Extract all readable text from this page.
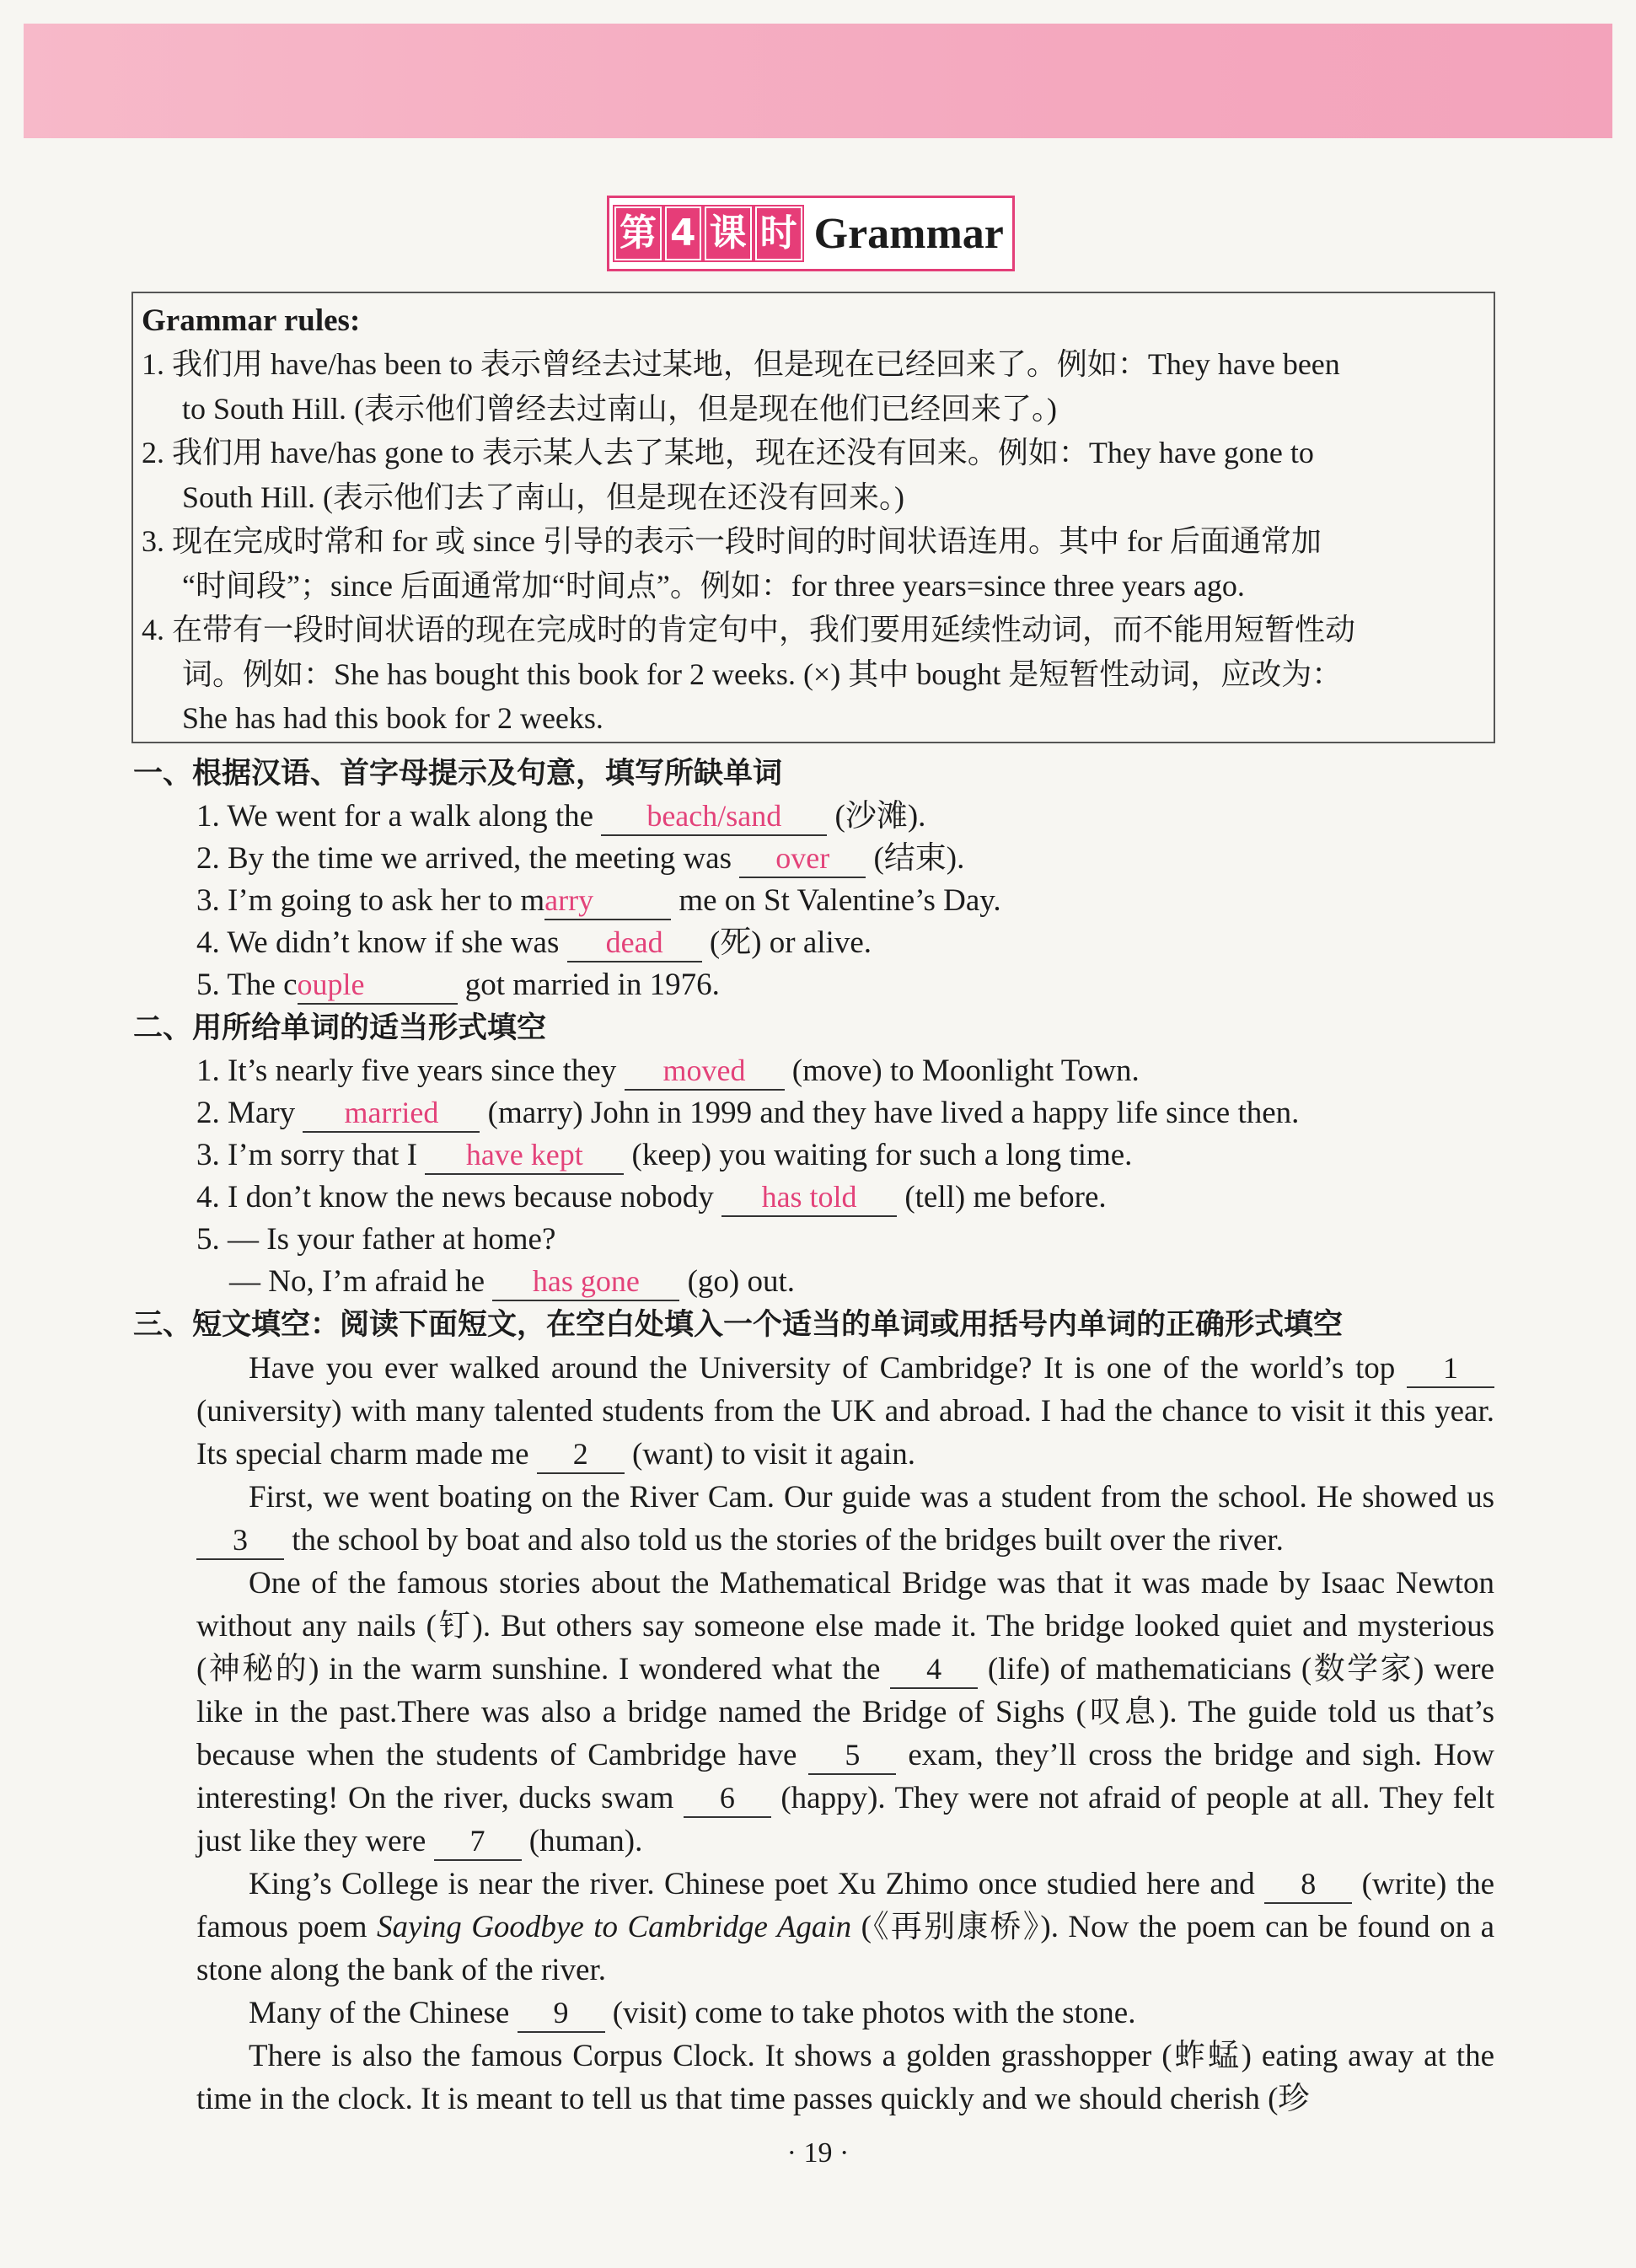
第 4 课 时 Grammar
Grammar rules:
1. 我们用 have/has been to 表示曾经去过某地，但是现在已经回来了。例如：They have been
to South Hill. (表示他们曾经去过南山，但是现在他们已经回来了。)
2. 我们用 have/has gone to 表示某人去了某地，现在还没有回来。例如：They have gone to
South Hill. (表示他们去了南山，但是现在还没有回来。)
3. 现在完成时常和 for 或 since 引导的表示一段时间的时间状语连用。其中 for 后面通常加
“时间段”；since 后面通常加“时间点”。例如：for three years=since three years ago.
4. 在带有一段时间状语的现在完成时的肯定句中，我们要用延续性动词，而不能用短暂性动
词。例如：She has bought this book for 2 weeks. (×) 其中 bought 是短暂性动词，应改为：
She has had this book for 2 weeks.
一、根据汉语、首字母提示及句意，填写所缺单词
1. We went for a walk along the beach/sand (沙滩).
2. By the time we arrived, the meeting was over (结束).
3. I’m going to ask her to marry me on St Valentine’s Day.
4. We didn’t know if she was dead (死) or alive.
5. The couple	got married in 1976.
二、用所给单词的适当形式填空
1. It’s nearly five years since they moved (move) to Moonlight Town.
2. Mary married (marry) John in 1999 and they have lived a happy life since then.
3. I’m sorry that I have kept (keep) you waiting for such a long time.
4. I don’t know the news because nobody has told (tell) me before.
5. — Is your father at home?
— No, I’m afraid he has gone (go) out.
三、短文填空：阅读下面短文，在空白处填入一个适当的单词或用括号内单词的正确形式填空
Have you ever walked around the University of Cambridge? It is one of the world’s top 1 (university) with many talented students from the UK and abroad. I had the chance to visit it this year. Its special charm made me 2 (want) to visit it again.
First, we went boating on the River Cam. Our guide was a student from the school. He showed us 3 the school by boat and also told us the stories of the bridges built over the river.
One of the famous stories about the Mathematical Bridge was that it was made by Isaac Newton without any nails (钉). But others say someone else made it. The bridge looked quiet and mysterious (神秘的) in the warm sunshine. I wondered what the 4 (life) of mathematicians (数学家) were like in the past.There was also a bridge named the Bridge of Sighs (叹息). The guide told us that’s because when the students of Cambridge have 5 exam, they’ll cross the bridge and sigh. How interesting! On the river, ducks swam 6 (happy). They were not afraid of people at all. They felt just like they were 7 (human).
King’s College is near the river. Chinese poet Xu Zhimo once studied here and 8 (write) the famous poem Saying Goodbye to Cambridge Again (《再别康桥》). Now the poem can be found on a stone along the bank of the river.
Many of the Chinese 9 (visit) come to take photos with the stone.
There is also the famous Corpus Clock. It shows a golden grasshopper (蚱蜢) eating away at the time in the clock. It is meant to tell us that time passes quickly and we should cherish (珍
· 19 ·
